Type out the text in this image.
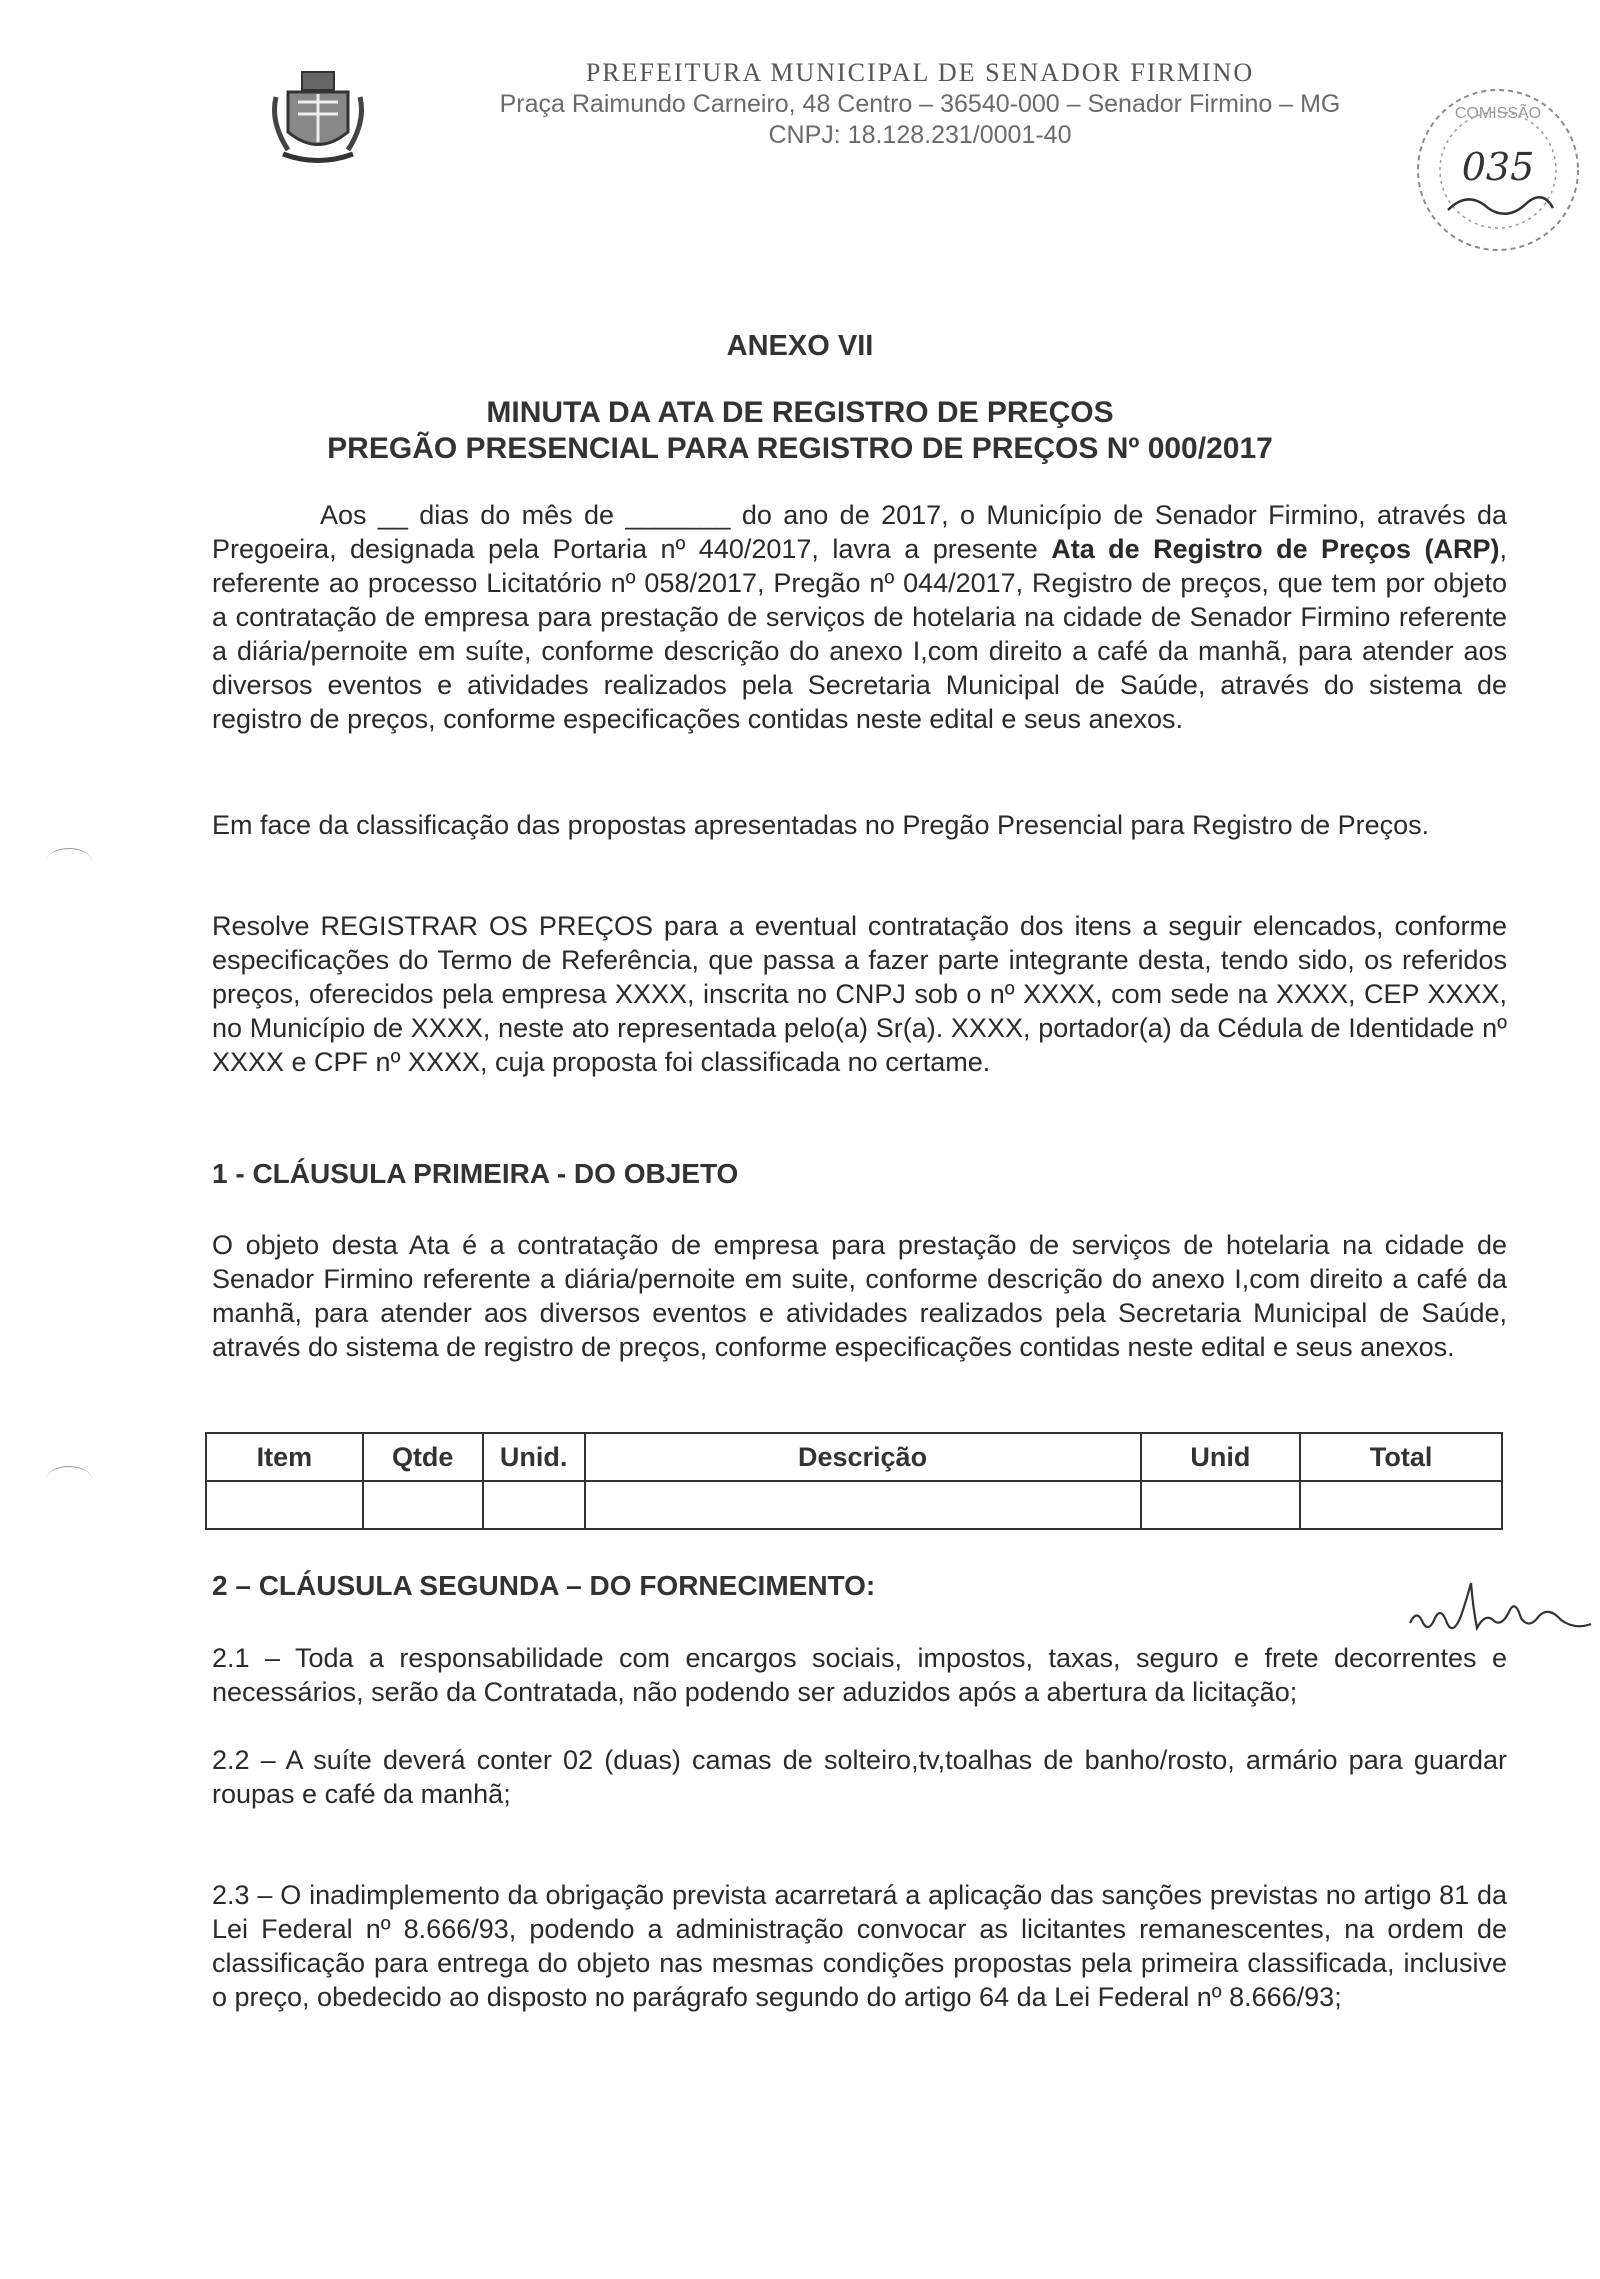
PREFEITURA MUNICIPAL DE SENADOR FIRMINO
Praça Raimundo Carneiro, 48 Centro – 36540-000 – Senador Firmino – MG
CNPJ: 18.128.231/0001-40
COMISSÃO
035
ANEXO VII
MINUTA DA ATA DE REGISTRO DE PREÇOS
PREGÃO PRESENCIAL PARA REGISTRO DE PREÇOS Nº 000/2017
Aos __ dias do mês de _______ do ano de 2017, o Município de Senador Firmino, através da Pregoeira, designada pela Portaria nº 440/2017, lavra a presente Ata de Registro de Preços (ARP), referente ao processo Licitatório nº 058/2017, Pregão nº 044/2017, Registro de preços, que tem por objeto a contratação de empresa para prestação de serviços de hotelaria na cidade de Senador Firmino referente a diária/pernoite em suíte, conforme descrição do anexo I,com direito a café da manhã, para atender aos diversos eventos e atividades realizados pela Secretaria Municipal de Saúde, através do sistema de registro de preços, conforme especificações contidas neste edital e seus anexos.
Em face da classificação das propostas apresentadas no Pregão Presencial para Registro de Preços.
Resolve REGISTRAR OS PREÇOS para a eventual contratação dos itens a seguir elencados, conforme especificações do Termo de Referência, que passa a fazer parte integrante desta, tendo sido, os referidos preços, oferecidos pela empresa XXXX, inscrita no CNPJ sob o nº XXXX, com sede na XXXX, CEP XXXX, no Município de XXXX, neste ato representada pelo(a) Sr(a). XXXX, portador(a) da Cédula de Identidade nº XXXX e CPF nº XXXX, cuja proposta foi classificada no certame.
1 - CLÁUSULA PRIMEIRA - DO OBJETO
O objeto desta Ata é a contratação de empresa para prestação de serviços de hotelaria na cidade de Senador Firmino referente a diária/pernoite em suite, conforme descrição do anexo I,com direito a café da manhã, para atender aos diversos eventos e atividades realizados pela Secretaria Municipal de Saúde, através do sistema de registro de preços, conforme especificações contidas neste edital e seus anexos.
Item	Qtde	Unid.	Descrição	Unid	Total

2 – CLÁUSULA SEGUNDA – DO FORNECIMENTO:
2.1 – Toda a responsabilidade com encargos sociais, impostos, taxas, seguro e frete decorrentes e necessários, serão da Contratada, não podendo ser aduzidos após a abertura da licitação;
2.2 – A suíte deverá conter 02 (duas) camas de solteiro,tv,toalhas de banho/rosto, armário para guardar roupas e café da manhã;
2.3 – O inadimplemento da obrigação prevista acarretará a aplicação das sanções previstas no artigo 81 da Lei Federal nº 8.666/93, podendo a administração convocar as licitantes remanescentes, na ordem de classificação para entrega do objeto nas mesmas condições propostas pela primeira classificada, inclusive o preço, obedecido ao disposto no parágrafo segundo do artigo 64 da Lei Federal nº 8.666/93;
